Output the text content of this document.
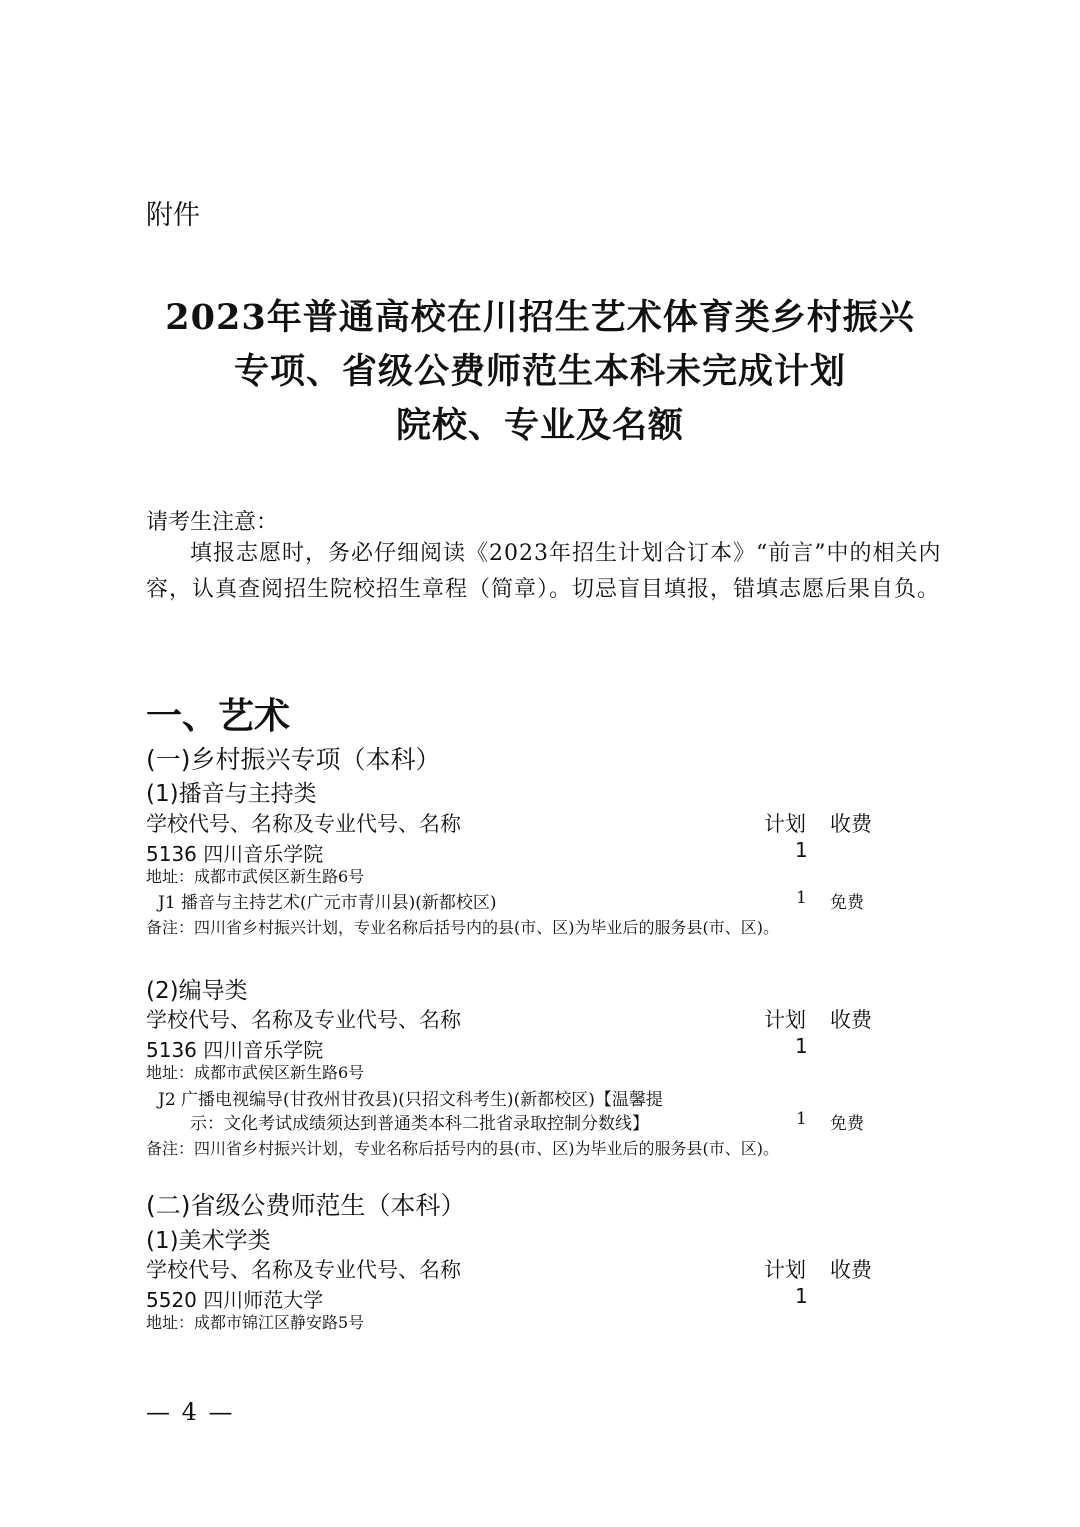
附件
2023年普通高校在川招生艺术体育类乡村振兴
专项、省级公费师范生本科未完成计划
院校、专业及名额
请考生注意：
填报志愿时，务必仔细阅读《2023年招生计划合订本》“前言”中的相关内容，认真查阅招生院校招生章程（简章）。切忌盲目填报，错填志愿后果自负。
一、艺术
(一)乡村振兴专项（本科）
(1)播音与主持类
学校代号、名称及专业代号、名称	计划 收费
5136 四川音乐学院	1
地址：成都市武侯区新生路6号
J1 播音与主持艺术(广元市青川县)(新都校区)	1 免费
备注：四川省乡村振兴计划，专业名称后括号内的县(市、区)为毕业后的服务县(市、区)。
(2)编导类
学校代号、名称及专业代号、名称	计划 收费
5136 四川音乐学院	1
地址：成都市武侯区新生路6号
J2 广播电视编导(甘孜州甘孜县)(只招文科考生)(新都校区)【温馨提
示：文化考试成绩须达到普通类本科二批省录取控制分数线】	1 免费
备注：四川省乡村振兴计划，专业名称后括号内的县(市、区)为毕业后的服务县(市、区)。
(二)省级公费师范生（本科）
(1)美术学类
学校代号、名称及专业代号、名称	计划 收费
5520 四川师范大学	1
地址：成都市锦江区静安路5号
— 4 —
